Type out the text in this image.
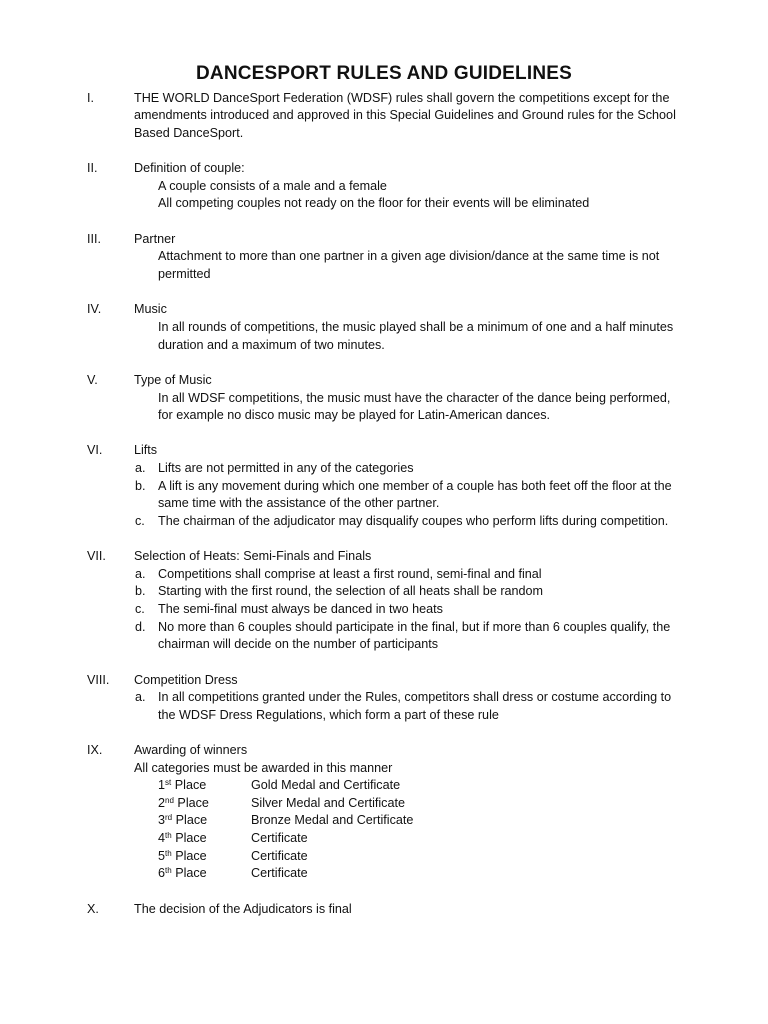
DANCESPORT RULES AND GUIDELINES
I.	THE WORLD DanceSport Federation (WDSF) rules shall govern the competitions except for the
amendments introduced and approved in this Special Guidelines and Ground rules for the School
Based DanceSport.
II.	Definition of couple:
A couple consists of a male and a female
All competing couples not ready on the floor for their events will be eliminated
III.	Partner
Attachment to more than one partner in a given age division/dance at the same time is not
permitted
IV.	Music
In all rounds of competitions, the music played shall be a minimum of one and a half minutes
duration and a maximum of two minutes.
V.	Type of Music
In all WDSF competitions, the music must have the character of the dance being performed,
for example no disco music may be played for Latin-American dances.
VI.	Lifts
a. Lifts are not permitted in any of the categories
b. A lift is any movement during which one member of a couple has both feet off the floor at the
same time with the assistance of the other partner.
c. The chairman of the adjudicator may disqualify coupes who perform lifts during competition.
VII. Selection of Heats: Semi-Finals and Finals
a. Competitions shall comprise at least a first round, semi-final and final
b. Starting with the first round, the selection of all heats shall be random
c. The semi-final must always be danced in two heats
d. No more than 6 couples should participate in the final, but if more than 6 couples qualify, the
chairman will decide on the number of participants
VIII. Competition Dress
a. In all competitions granted under the Rules, competitors shall dress or costume according to
the WDSF Dress Regulations, which form a part of these rule
IX.	Awarding of winners
All categories must be awarded in this manner
1st Place	Gold Medal and Certificate
2nd Place	Silver Medal and Certificate
3rd Place	Bronze Medal and Certificate
4th Place	Certificate
5th Place	Certificate
6th Place	Certificate
X.	The decision of the Adjudicators is final
